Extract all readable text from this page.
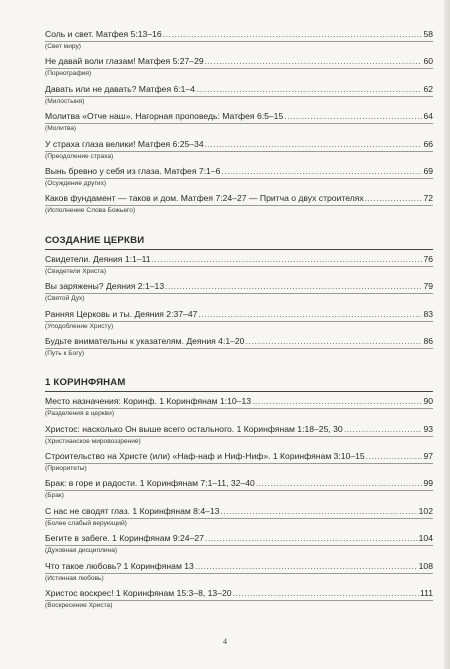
Соль и свет. Матфея 5:13–16 .....	58
(Свет миру)
Не давай воли глазам! Матфея 5:27–29 .....	60
(Порнография)
Давать или не давать? Матфея 6:1–4 .....	62
(Милостыня)
Молитва «Отче наш». Нагорная проповедь: Матфея 6:5–15 .....	64
(Молитва)
У страха глаза велики! Матфея 6:25–34 .....	66
(Преодоление страха)
Вынь бревно у себя из глаза. Матфея 7:1–6 .....	69
(Осуждение других)
Каков фундамент — таков и дом. Матфея 7:24–27 — Притча о двух строителях .....	72
(Исполнение Слова Божьего)
СОЗДАНИЕ ЦЕРКВИ
Свидетели. Деяния 1:1–11 .....	76
(Свидетели Христа)
Вы заряжены? Деяния 2:1–13 .....	79
(Святой Дух)
Ранняя Церковь и ты. Деяния 2:37–47 .....	83
(Уподобление Христу)
Будьте внимательны к указателям. Деяния 4:1–20 .....	86
(Путь к Богу)
1 КОРИНФЯНАМ
Место назначения: Коринф. 1 Коринфянам 1:10–13 .....	90
(Разделения в церкви)
Христос: насколько Он выше всего остального. 1 Коринфянам 1:18–25, 30 .....	93
(Христианское мировоззрение)
Строительство на Христе (или) «Наф-наф и Ниф-Ниф». 1 Коринфянам 3:10–15 .....	97
(Приоритеты)
Брак: в горе и радости. 1 Коринфянам 7:1–11, 32–40 .....	99
(Брак)
С нас не сводят глаз. 1 Коринфянам 8:4–13 .....	102
(Более слабый верующий)
Бегите в забеге. 1 Коринфянам 9:24–27 .....	104
(Духовная дисциплина)
Что такое любовь? 1 Коринфянам 13 .....	108
(Истинная любовь)
Христос воскрес! 1 Коринфянам 15:3–8, 13–20 .....	111
(Воскресение Христа)
4
